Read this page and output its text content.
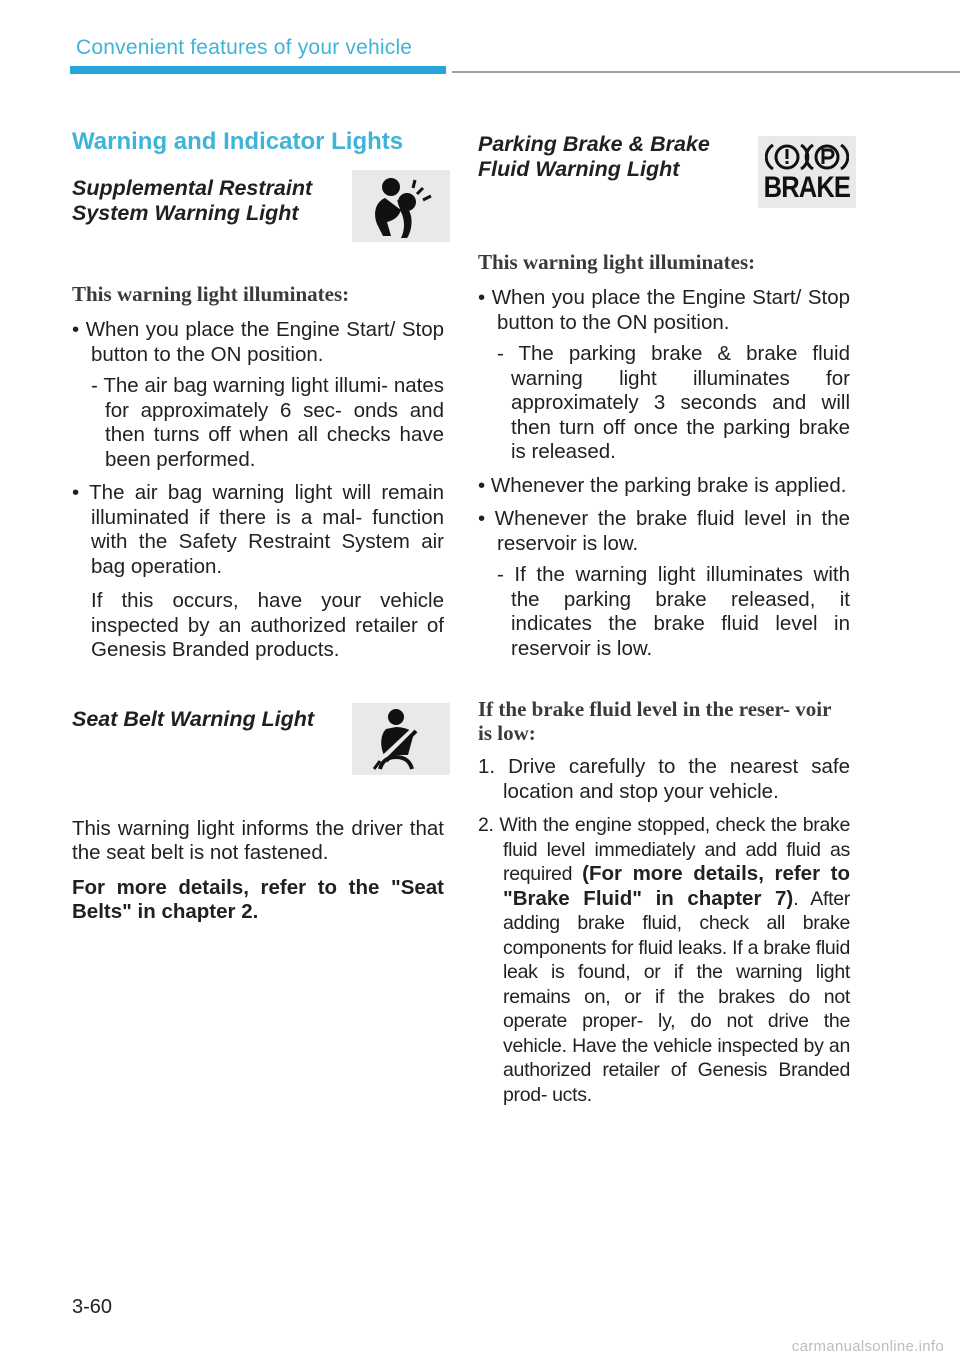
Convenient features of your vehicle
Warning and Indicator Lights
Supplemental Restraint System Warning Light
This warning light illuminates:

• When you place the Engine Start/ Stop button to the ON position.

- The air bag warning light illumi- nates for approximately 6 sec- onds and then turns off when all checks have been performed.

• The air bag warning light will remain illuminated if there is a mal- function with the Safety Restraint System air bag operation.

If this occurs, have your vehicle inspected by an authorized retailer of Genesis Branded products.

Seat Belt Warning Light

This warning light informs the driver that the seat belt is not fastened.

For more details, refer to the "Seat Belts" in chapter 2.

Parking Brake & Brake Fluid Warning Light
BRAKE
This warning light illuminates:

• When you place the Engine Start/ Stop button to the ON position.

- The parking brake & brake fluid warning light illuminates for approximately 3 seconds and will then turn off once the parking brake is released.

• Whenever the parking brake is applied.

• Whenever the brake fluid level in the reservoir is low.

- If the warning light illuminates with the parking brake released, it indicates the brake fluid level in reservoir is low.

If the brake fluid level in the reser- voir is low:

1. Drive carefully to the nearest safe location and stop your vehicle.

2. With the engine stopped, check the brake fluid level immediately and add fluid as required (For more details, refer to "Brake Fluid" in chapter 7). After adding brake fluid, check all brake components for fluid leaks. If a brake fluid leak is found, or if the warning light remains on, or if the brakes do not operate proper- ly, do not drive the vehicle. Have the vehicle inspected by an authorized retailer of Genesis Branded prod- ucts.

3-60
carmanualsonline.info
